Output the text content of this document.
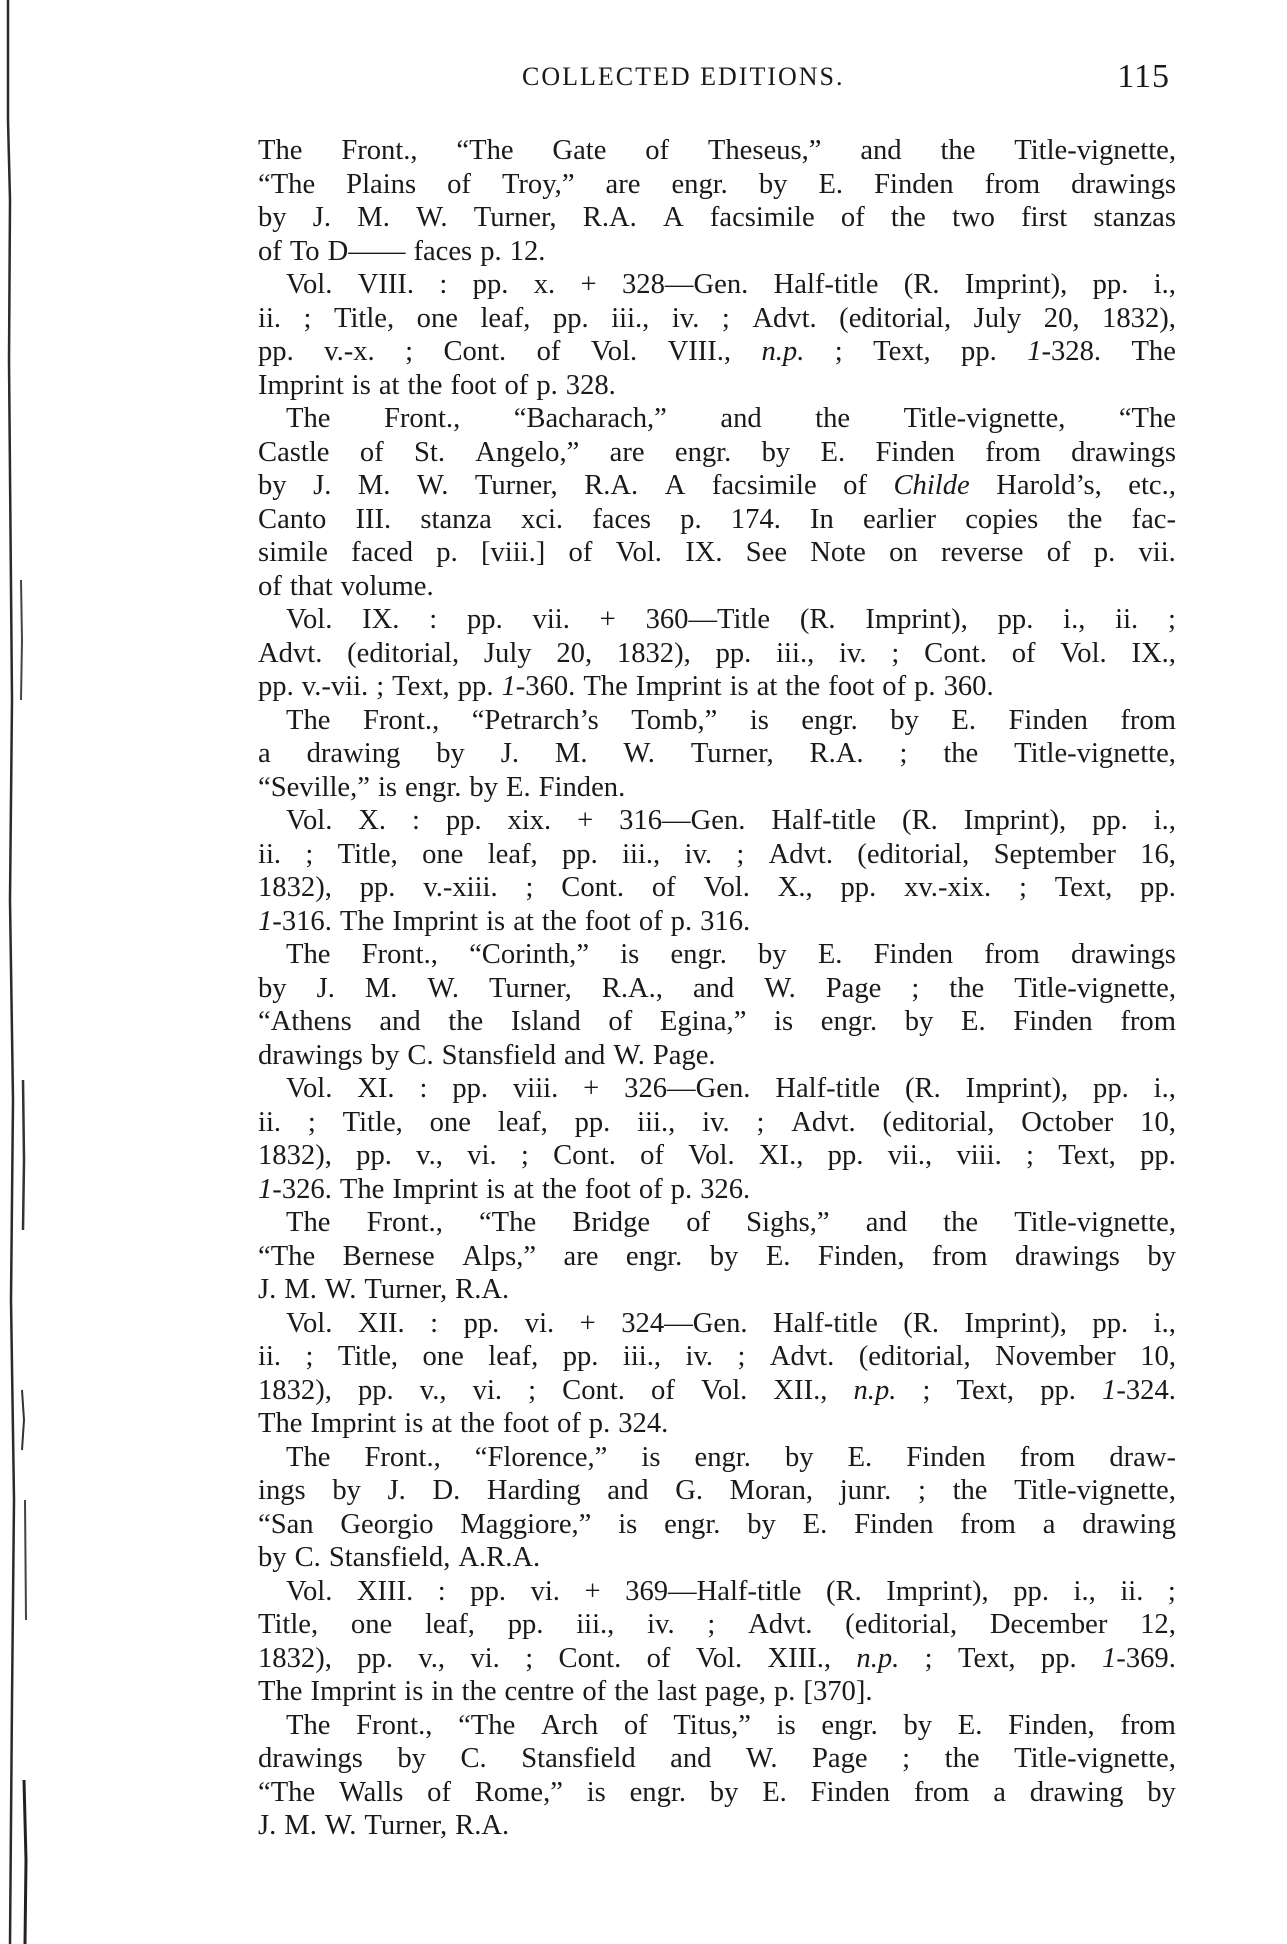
COLLECTED EDITIONS.	115
The Front., “The Gate of Theseus,” and the Title-vignette,
“The Plains of Troy,” are engr. by E. Finden from drawings
by J. M. W. Turner, R.A. A facsimile of the two first stanzas
of To D—— faces p. 12.
Vol. VIII. : pp. x. + 328—Gen. Half-title (R. Imprint), pp. i.,
ii. ; Title, one leaf, pp. iii., iv. ; Advt. (editorial, July 20, 1832),
pp. v.-x. ; Cont. of Vol. VIII., n.p. ; Text, pp. 1-328. The
Imprint is at the foot of p. 328.
The Front., “Bacharach,” and the Title-vignette, “The
Castle of St. Angelo,” are engr. by E. Finden from drawings
by J. M. W. Turner, R.A. A facsimile of Childe Harold’s, etc.,
Canto III. stanza xci. faces p. 174. In earlier copies the fac-
simile faced p. [viii.] of Vol. IX. See Note on reverse of p. vii.
of that volume.
Vol. IX. : pp. vii. + 360—Title (R. Imprint), pp. i., ii. ;
Advt. (editorial, July 20, 1832), pp. iii., iv. ; Cont. of Vol. IX.,
pp. v.-vii. ; Text, pp. 1-360. The Imprint is at the foot of p. 360.
The Front., “Petrarch’s Tomb,” is engr. by E. Finden from
a drawing by J. M. W. Turner, R.A. ; the Title-vignette,
“Seville,” is engr. by E. Finden.
Vol. X. : pp. xix. + 316—Gen. Half-title (R. Imprint), pp. i.,
ii. ; Title, one leaf, pp. iii., iv. ; Advt. (editorial, September 16,
1832), pp. v.-xiii. ; Cont. of Vol. X., pp. xv.-xix. ; Text, pp.
1-316. The Imprint is at the foot of p. 316.
The Front., “Corinth,” is engr. by E. Finden from drawings
by J. M. W. Turner, R.A., and W. Page ; the Title-vignette,
“Athens and the Island of Egina,” is engr. by E. Finden from
drawings by C. Stansfield and W. Page.
Vol. XI. : pp. viii. + 326—Gen. Half-title (R. Imprint), pp. i.,
ii. ; Title, one leaf, pp. iii., iv. ; Advt. (editorial, October 10,
1832), pp. v., vi. ; Cont. of Vol. XI., pp. vii., viii. ; Text, pp.
1-326. The Imprint is at the foot of p. 326.
The Front., “The Bridge of Sighs,” and the Title-vignette,
“The Bernese Alps,” are engr. by E. Finden, from drawings by
J. M. W. Turner, R.A.
Vol. XII. : pp. vi. + 324—Gen. Half-title (R. Imprint), pp. i.,
ii. ; Title, one leaf, pp. iii., iv. ; Advt. (editorial, November 10,
1832), pp. v., vi. ; Cont. of Vol. XII., n.p. ; Text, pp. 1-324.
The Imprint is at the foot of p. 324.
The Front., “Florence,” is engr. by E. Finden from draw-
ings by J. D. Harding and G. Moran, junr. ; the Title-vignette,
“San Georgio Maggiore,” is engr. by E. Finden from a drawing
by C. Stansfield, A.R.A.
Vol. XIII. : pp. vi. + 369—Half-title (R. Imprint), pp. i., ii. ;
Title, one leaf, pp. iii., iv. ; Advt. (editorial, December 12,
1832), pp. v., vi. ; Cont. of Vol. XIII., n.p. ; Text, pp. 1-369.
The Imprint is in the centre of the last page, p. [370].
The Front., “The Arch of Titus,” is engr. by E. Finden, from
drawings by C. Stansfield and W. Page ; the Title-vignette,
“The Walls of Rome,” is engr. by E. Finden from a drawing by
J. M. W. Turner, R.A.
